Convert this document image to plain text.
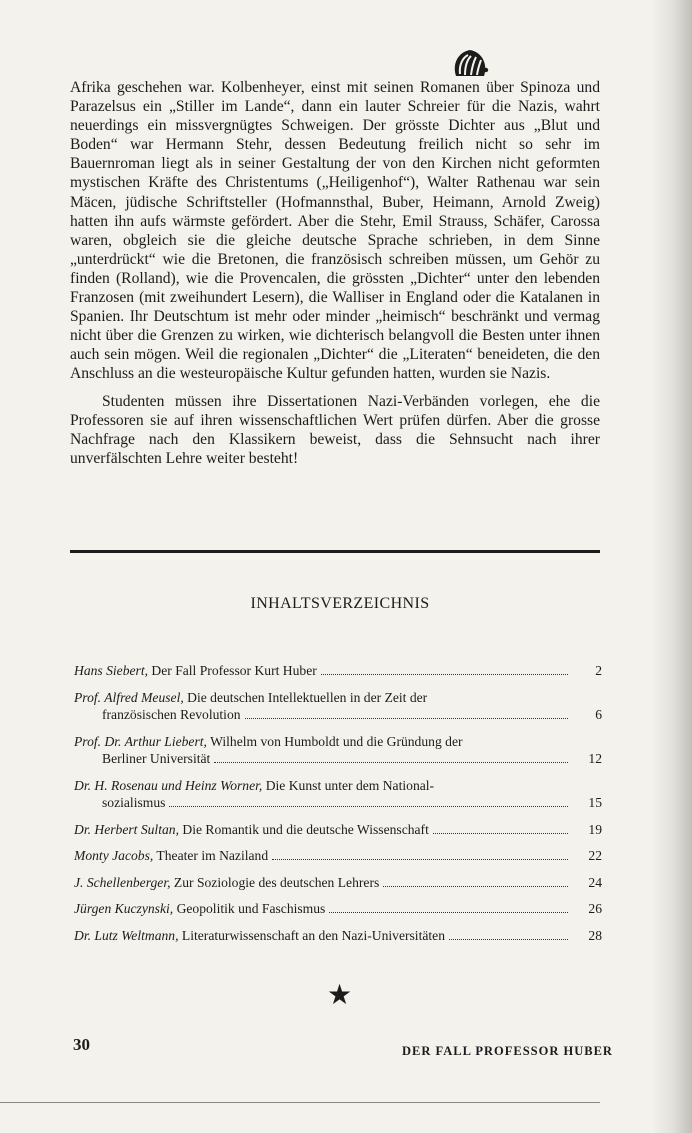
Afrika geschehen war. Kolbenheyer, einst mit seinen Romanen über Spinoza und Parazelsus ein „Stiller im Lande“, dann ein lauter Schreier für die Nazis, wahrt neuerdings ein missvergnügtes Schweigen. Der grösste Dichter aus „Blut und Boden“ war Hermann Stehr, dessen Bedeutung freilich nicht so sehr im Bauernroman liegt als in seiner Gestaltung der von den Kirchen nicht geformten mystischen Kräfte des Christentums („Heiligenhof“), Walter Rathenau war sein Mäcen, jüdische Schriftsteller (Hofmannsthal, Buber, Heimann, Arnold Zweig) hatten ihn aufs wärmste gefördert. Aber die Stehr, Emil Strauss, Schäfer, Carossa waren, obgleich sie die gleiche deutsche Sprache schrieben, in dem Sinne „unterdrückt“ wie die Bretonen, die französisch schreiben müssen, um Gehör zu finden (Rolland), wie die Provencalen, die grössten „Dichter“ unter den lebenden Franzosen (mit zweihundert Lesern), die Walliser in England oder die Katalanen in Spanien. Ihr Deutschtum ist mehr oder minder „heimisch“ beschränkt und vermag nicht über die Grenzen zu wirken, wie dichterisch belangvoll die Besten unter ihnen auch sein mögen. Weil die regionalen „Dichter“ die „Literaten“ beneideten, die den Anschluss an die westeuropäische Kultur gefunden hatten, wurden sie Nazis.

Studenten müssen ihre Dissertationen Nazi-Verbänden vorlegen, ehe die Professoren sie auf ihren wissenschaftlichen Wert prüfen dürfen. Aber die grosse Nachfrage nach den Klassikern beweist, dass die Sehnsucht nach ihrer unverfälschten Lehre weiter besteht!

INHALTSVERZEICHNIS
Hans Siebert, Der Fall Professor Kurt Huber	2
Prof. Alfred Meusel, Die deutschen Intellektuellen in der Zeit der
französischen Revolution	6
Prof. Dr. Arthur Liebert, Wilhelm von Humboldt und die Gründung der
Berliner Universität	12
Dr. H. Rosenau und Heinz Worner, Die Kunst unter dem National-
sozialismus	15
Dr. Herbert Sultan, Die Romantik und die deutsche Wissenschaft	19
Monty Jacobs, Theater im Naziland	22
J. Schellenberger, Zur Soziologie des deutschen Lehrers	24
Jürgen Kuczynski, Geopolitik und Faschismus	26
Dr. Lutz Weltmann, Literaturwissenschaft an den Nazi-Universitäten	28
★
30	DER FALL PROFESSOR HUBER
